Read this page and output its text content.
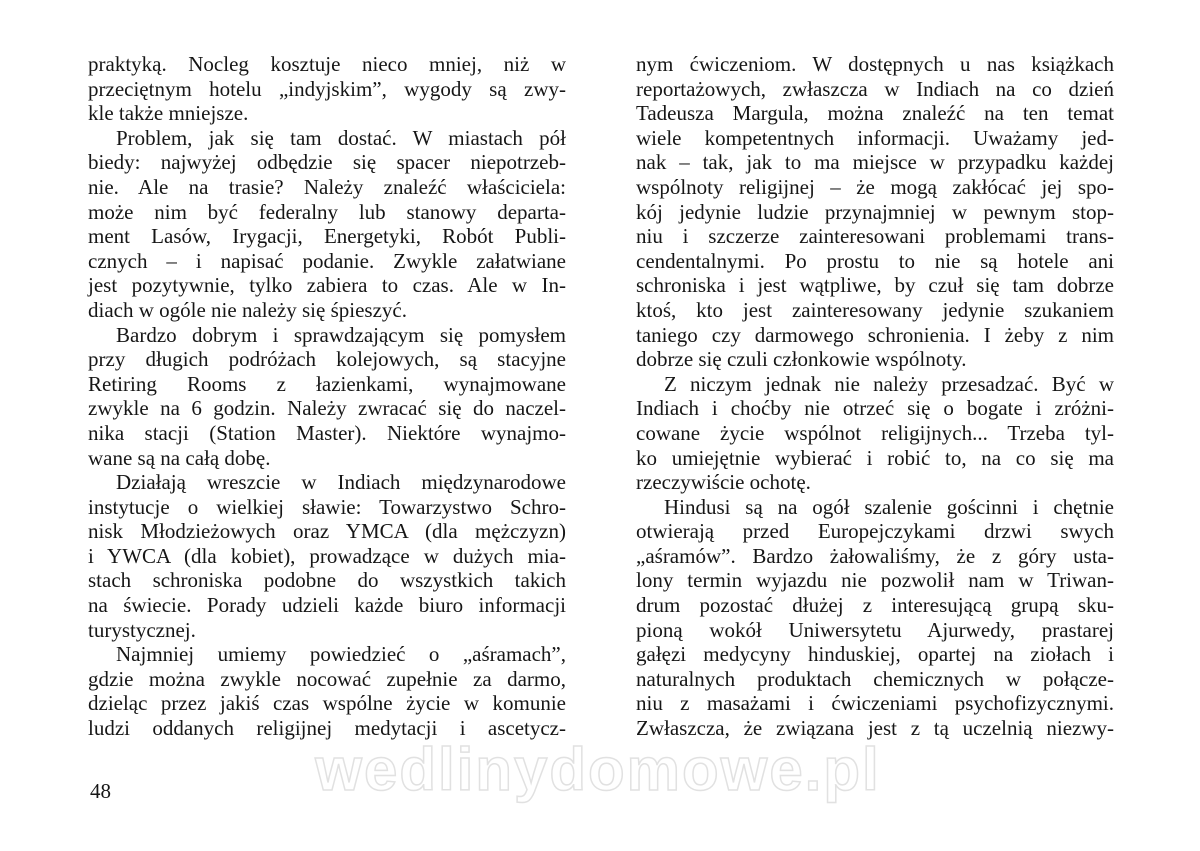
praktyką. Nocleg kosztuje nieco mniej, niż w
przeciętnym hotelu „indyjskim”, wygody są zwy-
kle także mniejsze.
Problem, jak się tam dostać. W miastach pół
biedy: najwyżej odbędzie się spacer niepotrzeb-
nie. Ale na trasie? Należy znaleźć właściciela:
może nim być federalny lub stanowy departa-
ment Lasów, Irygacji, Energetyki, Robót Publi-
cznych – i napisać podanie. Zwykle załatwiane
jest pozytywnie, tylko zabiera to czas. Ale w In-
diach w ogóle nie należy się śpieszyć.
Bardzo dobrym i sprawdzającym się pomysłem
przy długich podróżach kolejowych, są stacyjne
Retiring Rooms z łazienkami, wynajmowane
zwykle na 6 godzin. Należy zwracać się do naczel-
nika stacji (Station Master). Niektóre wynajmo-
wane są na całą dobę.
Działają wreszcie w Indiach międzynarodowe
instytucje o wielkiej sławie: Towarzystwo Schro-
nisk Młodzieżowych oraz YMCA (dla mężczyzn)
i YWCA (dla kobiet), prowadzące w dużych mia-
stach schroniska podobne do wszystkich takich
na świecie. Porady udzieli każde biuro informacji
turystycznej.
Najmniej umiemy powiedzieć o „aśramach”,
gdzie można zwykle nocować zupełnie za darmo,
dzieląc przez jakiś czas wspólne życie w komunie
ludzi oddanych religijnej medytacji i ascetycz-
nym ćwiczeniom. W dostępnych u nas książkach
reportażowych, zwłaszcza w Indiach na co dzień
Tadeusza Margula, można znaleźć na ten temat
wiele kompetentnych informacji. Uważamy jed-
nak – tak, jak to ma miejsce w przypadku każdej
wspólnoty religijnej – że mogą zakłócać jej spo-
kój jedynie ludzie przynajmniej w pewnym stop-
niu i szczerze zainteresowani problemami trans-
cendentalnymi. Po prostu to nie są hotele ani
schroniska i jest wątpliwe, by czuł się tam dobrze
ktoś, kto jest zainteresowany jedynie szukaniem
taniego czy darmowego schronienia. I żeby z nim
dobrze się czuli członkowie wspólnoty.
Z niczym jednak nie należy przesadzać. Być w
Indiach i choćby nie otrzeć się o bogate i zróżni-
cowane życie wspólnot religijnych... Trzeba tyl-
ko umiejętnie wybierać i robić to, na co się ma
rzeczywiście ochotę.
Hindusi są na ogół szalenie gościnni i chętnie
otwierają przed Europejczykami drzwi swych
„aśramów”. Bardzo żałowaliśmy, że z góry usta-
lony termin wyjazdu nie pozwolił nam w Triwan-
drum pozostać dłużej z interesującą grupą sku-
pioną wokół Uniwersytetu Ajurwedy, prastarej
gałęzi medycyny hinduskiej, opartej na ziołach i
naturalnych produktach chemicznych w połącze-
niu z masażami i ćwiczeniami psychofizycznymi.
Zwłaszcza, że związana jest z tą uczelnią niezwy-
wedlinydomowe.pl
48
